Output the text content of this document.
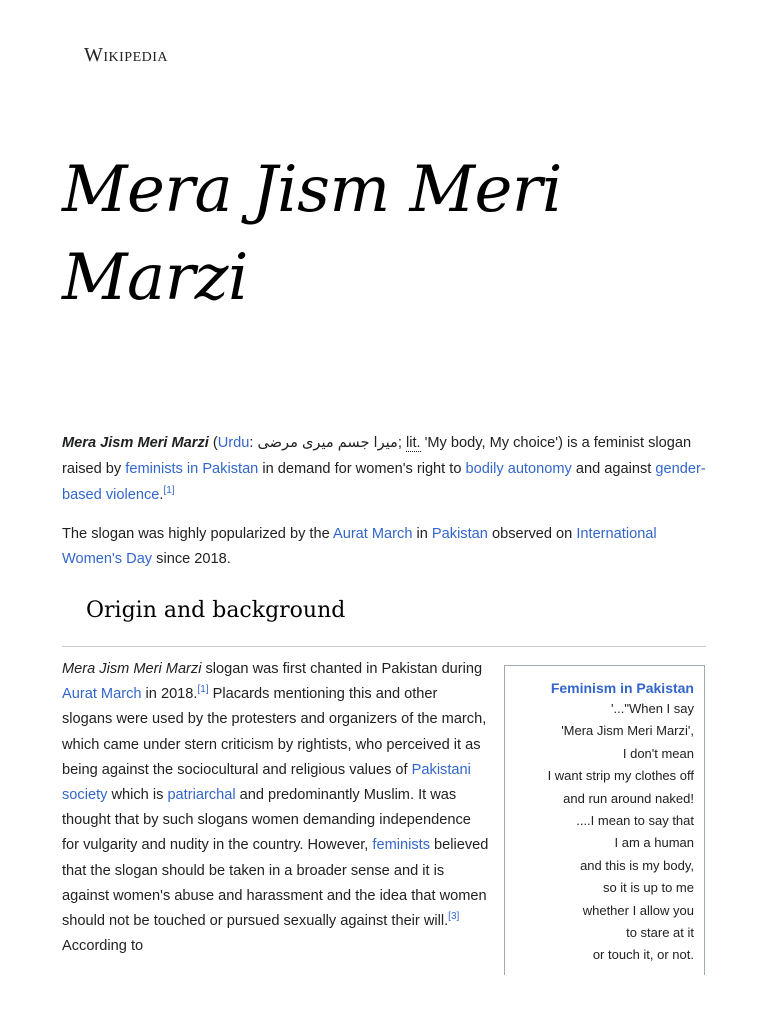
Wikipedia
Mera Jism Meri Marzi

Mera Jism Meri Marzi (Urdu: میرا جسم میری مرضی; lit. 'My body, My choice') is a feminist slogan raised by feminists in Pakistan in demand for women's right to bodily autonomy and against gender-based violence.[1]

The slogan was highly popularized by the Aurat March in Pakistan observed on International Women's Day since 2018.

Origin and background

Mera Jism Meri Marzi slogan was first chanted in Pakistan during Aurat March in 2018.[1] Placards mentioning this and other slogans were used by the protesters and organizers of the march, which came under stern criticism by rightists, who perceived it as being against the sociocultural and religious values of Pakistani society which is patriarchal and predominantly Muslim. It was thought that by such slogans women demanding independence for vulgarity and nudity in the country. However, feminists believed that the slogan should be taken in a broader sense and it is against women's abuse and harassment and the idea that women should not be touched or pursued sexually against their will.[3] According to

Feminism in Pakistan
'..."When I say
'Mera Jism Meri Marzi',
I don't mean
I want strip my clothes off
and run around naked!
....I mean to say that
I am a human
and this is my body,
so it is up to me
whether I allow you
to stare at it
or touch it, or not.
